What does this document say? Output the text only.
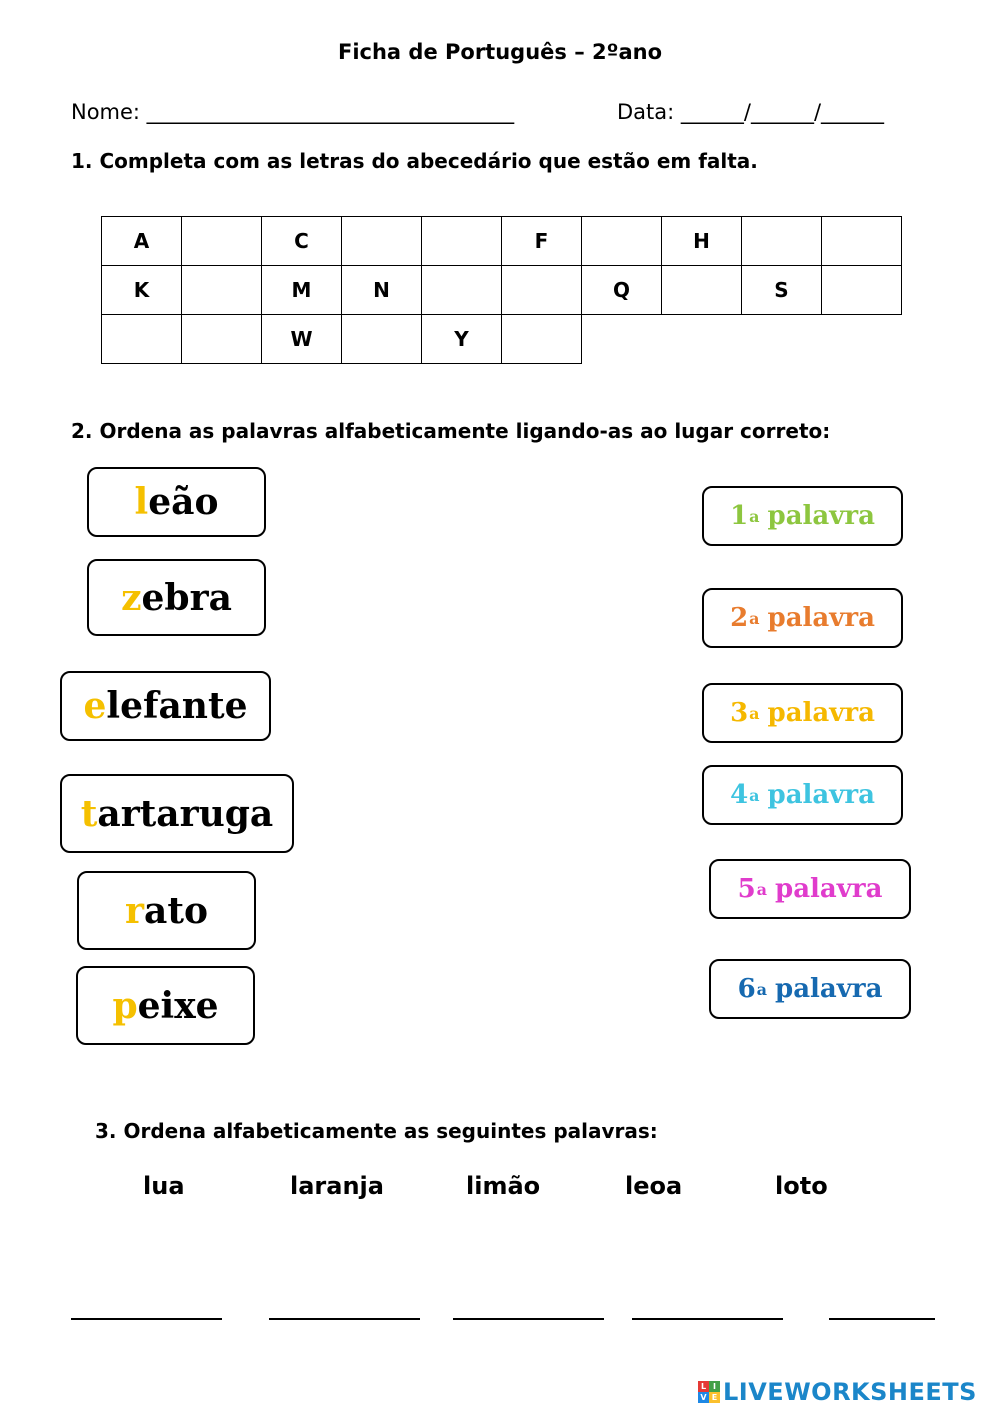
Ficha de Português – 2ºano
Nome: ___________________________________	Data: ______/______/______
1. Completa com as letras do abecedário que estão em falta.
A		C			F		H		
K		M	N			Q		S	
		W		Y					
2. Ordena as palavras alfabeticamente ligando-as ao lugar correto:
l eão
z ebra
e lefante
t artaruga
r ato
p eixe
1 a palavra
2 a palavra
3 a palavra
4 a palavra
5 a palavra
6 a palavra
3. Ordena alfabeticamente as seguintes palavras:
lua	laranja	limão	leoa	loto
L I
V E LIVEWORKSHEETS
